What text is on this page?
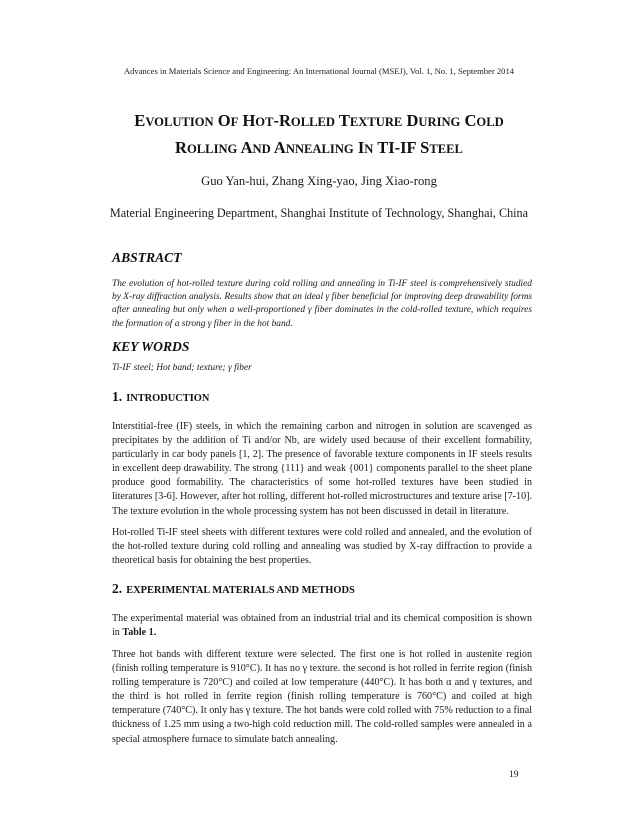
Advances in Materials Science and Engineering: An International Journal (MSEJ), Vol. 1, No. 1, September 2014
EVOLUTION OF HOT-ROLLED TEXTURE DURING COLD
ROLLING AND ANNEALING IN TI-IF STEEL
Guo Yan-hui, Zhang Xing-yao, Jing Xiao-rong
Material Engineering Department, Shanghai Institute of Technology, Shanghai, China
ABSTRACT
The evolution of hot-rolled texture during cold rolling and annealing in Ti-IF steel is comprehensively studied by X-ray diffraction analysis. Results show that an ideal γ fiber beneficial for improving deep drawability forms after annealing but only when a well-proportioned γ fiber dominates in the cold-rolled texture, which requires the formation of a strong γ fiber in the hot band.
KEY WORDS
Ti-IF steel; Hot band; texture; γ fiber
1. INTRODUCTION
Interstitial-free (IF) steels, in which the remaining carbon and nitrogen in solution are scavenged as precipitates by the addition of Ti and/or Nb, are widely used because of their excellent formability, particularly in car body panels [1, 2]. The presence of favorable texture components in IF steels results in excellent deep drawability. The strong {111} and weak {001} components parallel to the sheet plane produce good formability. The characteristics of some hot-rolled textures have been studied in literatures [3-6]. However, after hot rolling, different hot-rolled microstructures and texture arise [7-10]. The texture evolution in the whole processing system has not been discussed in detail in literature.
Hot-rolled Ti-IF steel sheets with different textures were cold rolled and annealed, and the evolution of the hot-rolled texture during cold rolling and annealing was studied by X-ray diffraction to provide a theoretical basis for obtaining the best properties.
2. EXPERIMENTAL MATERIALS AND METHODS
The experimental material was obtained from an industrial trial and its chemical composition is shown in Table 1.
Three hot bands with different texture were selected. The first one is hot rolled in austenite region (finish rolling temperature is 910°C). It has no γ texture. the second is hot rolled in ferrite region (finish rolling temperature is 720°C) and coiled at low temperature (440°C). It has both α and γ textures, and the third is hot rolled in ferrite region (finish rolling temperature is 760°C) and coiled at high temperature (740°C). It only has γ texture. The hot bands were cold rolled with 75% reduction to a final thickness of 1.25 mm using a two-high cold reduction mill. The cold-rolled samples were annealed in a special atmosphere furnace to simulate batch annealing.
19
